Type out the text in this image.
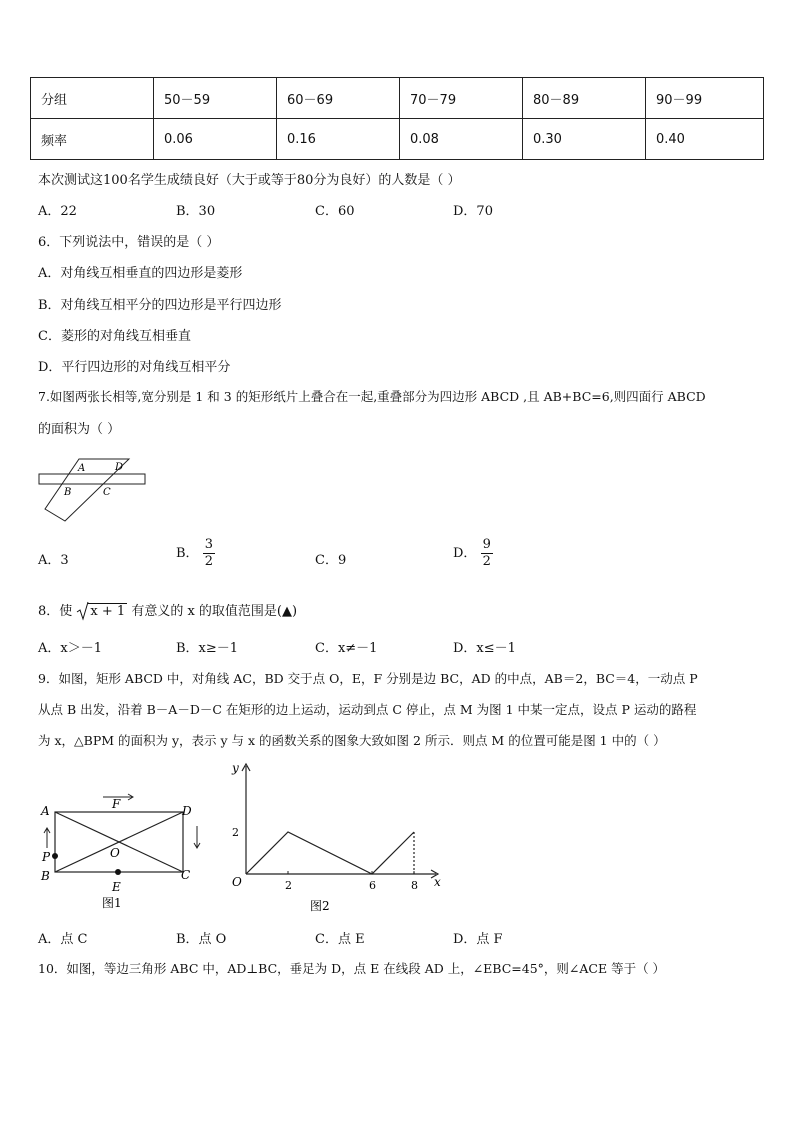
分组	50－59	60－69	70－79	80－89	90－99
频率	0.06	0.16	0.08	0.30	0.40
本次测试这100名学生成绩良好（大于或等于80分为良好）的人数是（ ）
A．22	B．30	C．60	D．70
6．下列说法中，错误的是（ ）
A．对角线互相垂直的四边形是菱形
B．对角线互相平分的四边形是平行四边形
C．菱形的对角线互相垂直
D．平行四边形的对角线互相平分
7.如图两张长相等,宽分别是 1 和 3 的矩形纸片上叠合在一起,重叠部分为四边形 ABCD ,且 AB+BC=6,则四面行 ABCD
的面积为（ ）
A	D
B	C
A．3	B． $\frac{3}{2}$	C．9	D． $\frac{9}{2}$
8．使 x + 1 有意义的 x 的取值范围是(▲)
A．x＞－1	B．x≥－1	C．x≠－1	D．x≤－1
9．如图，矩形 ABCD 中，对角线 AC，BD 交于点 O，E，F 分别是边 BC，AD 的中点，AB＝2，BC＝4，一动点 P
从点 B 出发，沿着 B－A－D－C 在矩形的边上运动，运动到点 C 停止，点 M 为图 1 中某一定点，设点 P 运动的路程
为 x，△BPM 的面积为 y，表示 y 与 x 的函数关系的图象大致如图 2 所示．则点 M 的位置可能是图 1 中的（ ）
A	D
B	C
P	O
E
F
图1
y
x
O
2
2	6	8
图2
A．点 C	B．点 O	C．点 E	D．点 F
10．如图，等边三角形 ABC 中，AD⊥BC，垂足为 D，点 E 在线段 AD 上，∠EBC=45°，则∠ACE 等于（ ）
